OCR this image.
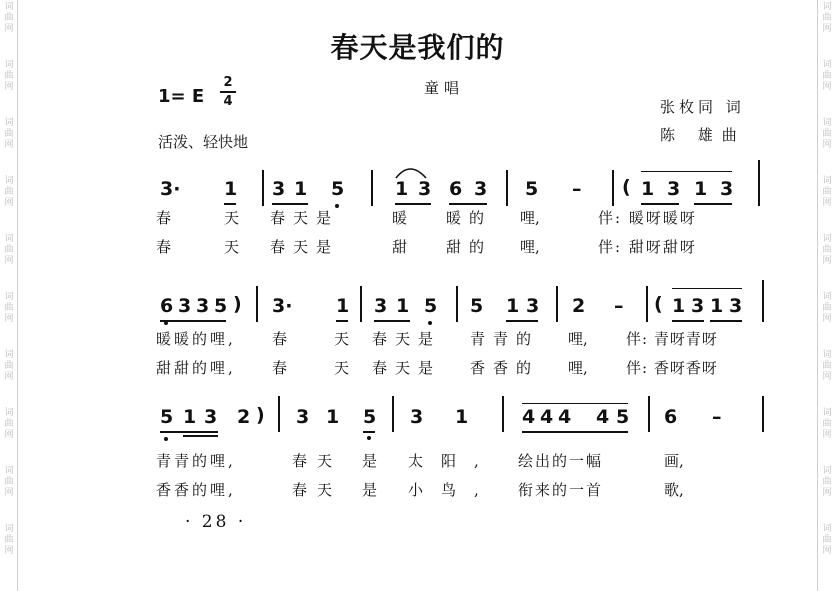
春天是我们的
童唱
1= E
2
4	张枚同 词
陈 雄曲
活泼、轻快地
3· 1 3 1 5	1 3 6 3 5 – ( 1 3 1 3
春	天 春天是	暖	暖的 哩,	伴: 暖呀暖呀
春	天 春天是	甜	甜的 哩,	伴: 甜呀甜呀
6 3 3 5 ) 3· 1 3 1 5 5 1 3 2 – ( 1 3 1 3
暖暖的哩, 春	天 春天是 青青的 哩,	伴: 青呀青呀
甜甜的哩, 春	天 春天是 香香的 哩,	伴: 香呀香呀
5 1 3 2 ) 3 1 5 3 1	4 4 4 4 5 6 –
青青的哩,	春天 是 太阳, 绘出的一幅	画,
香香的哩,	春天 是 小鸟, 衔来的一首	歌,
· 28 ·
词
曲
网
词
曲
网
词
曲
网
词
曲
网
词
曲
网
词
曲
网
词
曲
网
词
曲
网
词
曲
网
词
曲
网
词
曲
网
词
曲
网
词
曲
网
词
曲
网
词
曲
网
词
曲
网
词
曲
网
词
曲
网
词
曲
网
词
曲
网
